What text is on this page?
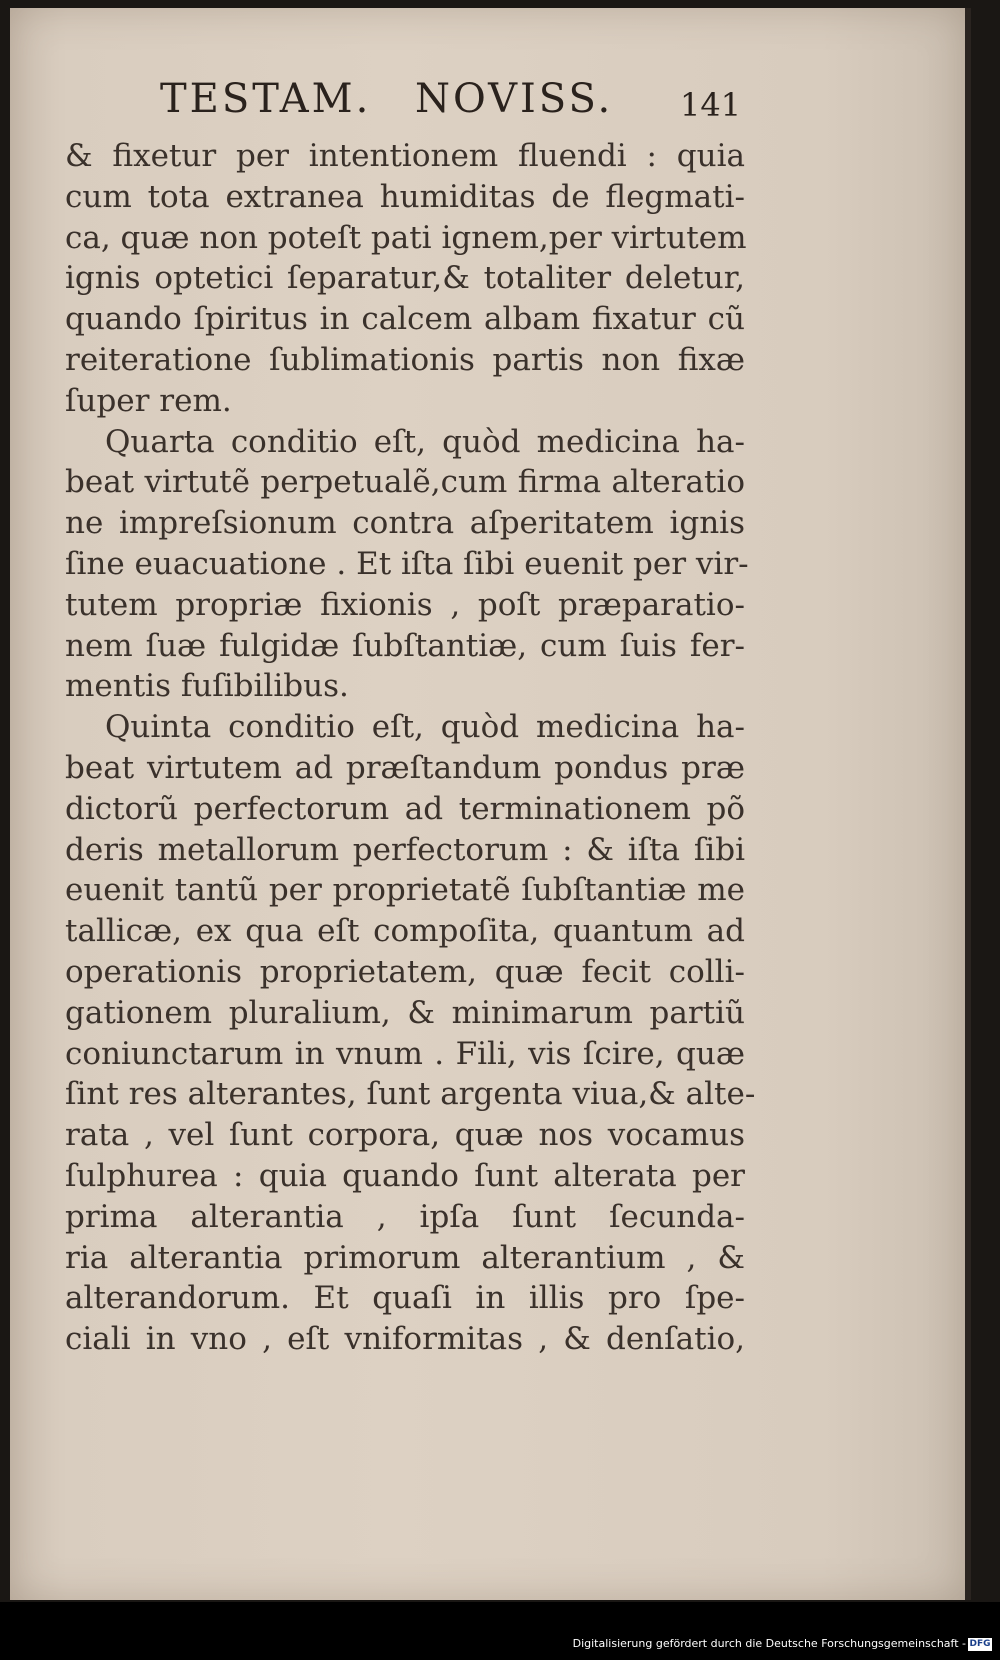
TESTAM. NOVISS. 141
& fixetur per intentionem fluendi : quia
cum tota extranea humiditas de flegmati-
ca, quæ non poteſt pati ignem,per virtutem
ignis optetici ſeparatur,& totaliter deletur,
quando ſpiritus in calcem albam fixatur cũ
reiteratione ſublimationis partis non fixæ
ſuper rem.
Quarta conditio eſt, quòd medicina ha-
beat virtutẽ perpetualẽ,cum firma alteratio
ne impreſsionum contra aſperitatem ignis
ſine euacuatione . Et iſta ſibi euenit per vir-
tutem propriæ fixionis , poſt præparatio-
nem ſuæ fulgidæ ſubſtantiæ, cum ſuis fer-
mentis fuſibilibus.
Quinta conditio eſt, quòd medicina ha-
beat virtutem ad præſtandum pondus præ
dictorũ perfectorum ad terminationem põ
deris metallorum perfectorum : & iſta ſibi
euenit tantũ per proprietatẽ ſubſtantiæ me
tallicæ, ex qua eſt compoſita, quantum ad
operationis proprietatem, quæ fecit colli-
gationem pluralium, & minimarum partiũ
coniunctarum in vnum . Fili, vis ſcire, quæ
ſint res alterantes, ſunt argenta viua,& alte-
rata , vel ſunt corpora, quæ nos vocamus
ſulphurea : quia quando ſunt alterata per
prima alterantia , ipſa ſunt ſecunda-
ria alterantia primorum alterantium , &
alterandorum. Et quaſi in illis pro ſpe-
ciali in vno , eſt vniformitas , & denſatio,
Digitalisierung gefördert durch die Deutsche Forschungsgemeinschaft - DFG
